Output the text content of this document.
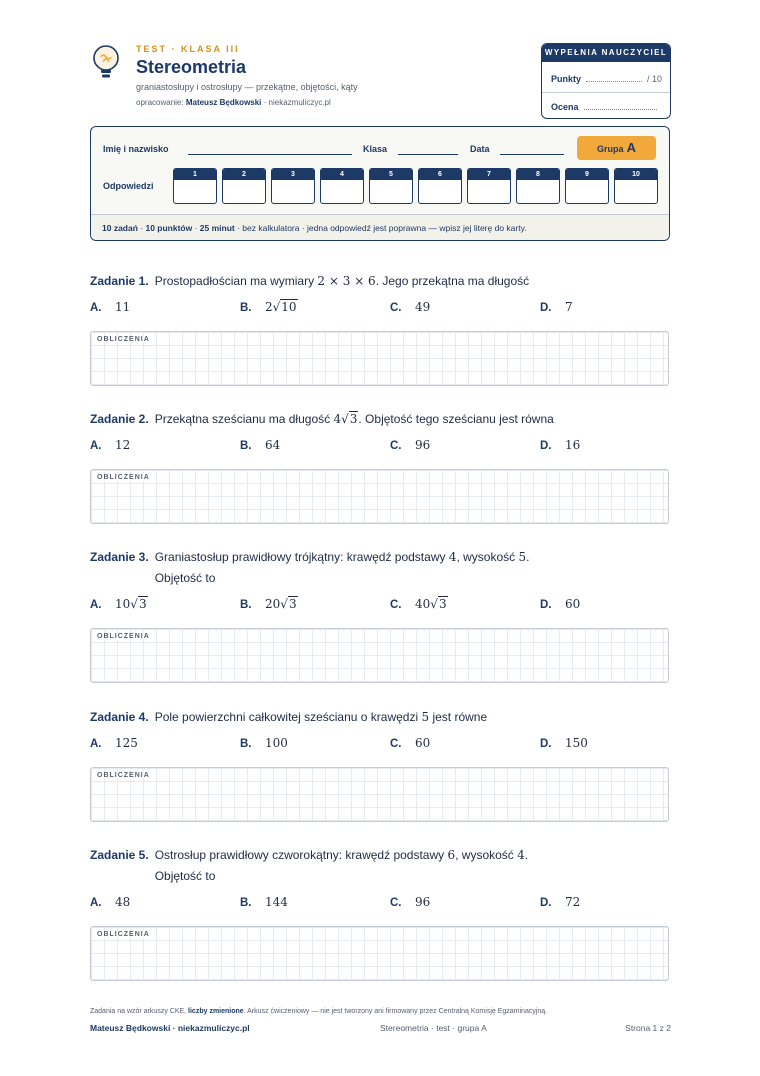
TEST · KLASA III
Stereometria
graniastosłupy i ostrosłupy — przekątne, objętości, kąty
opracowanie: Mateusz Będkowski · niekazmuliczyc.pl
WYPEŁNIA NAUCZYCIEL
Punkty	/ 10
Ocena
Imię i nazwisko	Klasa	Data	Grupa A
Odpowiedzi
1	2	3	4	5	6	7	8	9	10
10 zadań · 10 punktów · 25 minut · bez kalkulatora · jedna odpowiedź jest poprawna — wpisz jej literę do karty.
Zadanie 1. Prostopadłościan ma wymiary 2 × 3 × 6. Jego przekątna ma długość
A.	11	B.	2√10	C.	49	D.	7
OBLICZENIA
Zadanie 2. Przekątna sześcianu ma długość 4√3. Objętość tego sześcianu jest równa
A.	12	B.	64	C.	96	D.	16
OBLICZENIA
Zadanie 3. Graniastosłup prawidłowy trójkątny: krawędź podstawy 4, wysokość 5.
Objętość to
A.	10√3	B.	20√3	C.	40√3	D.	60
OBLICZENIA
Zadanie 4. Pole powierzchni całkowitej sześcianu o krawędzi 5 jest równe
A.	125	B.	100	C.	60	D.	150
OBLICZENIA
Zadanie 5. Ostrosłup prawidłowy czworokątny: krawędź podstawy 6, wysokość 4.
Objętość to
A.	48	B.	144	C.	96	D.	72
OBLICZENIA
Zadania na wzór arkuszy CKE, liczby zmienione. Arkusz ćwiczeniowy — nie jest tworzony ani firmowany przez Centralną Komisję Egzaminacyjną.
Mateusz Będkowski · niekazmuliczyc.pl	Stereometria · test · grupa A	Strona 1 z 2
